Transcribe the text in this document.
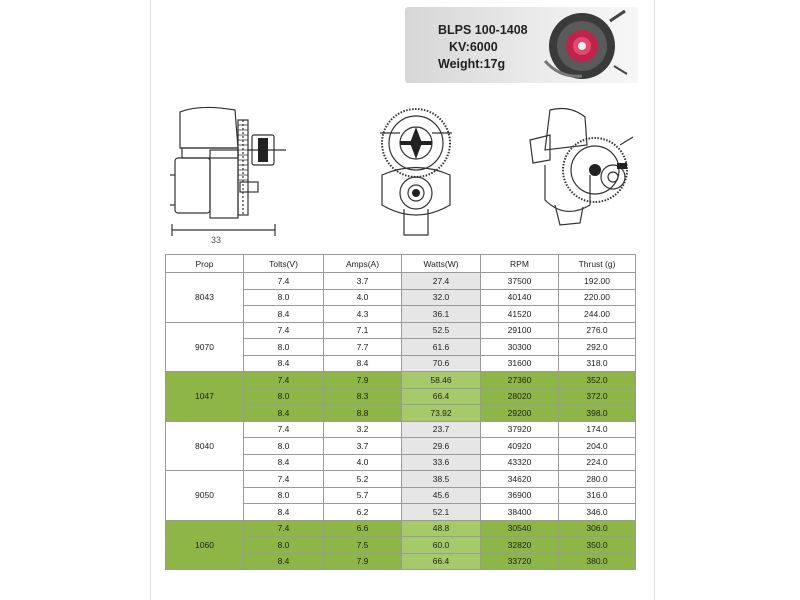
BLPS 100-1408
KV:6000
Weight:17g
33
Prop	Tolts(V)	Amps(A)	Watts(W)	RPM	Thrust (g)
8043	7.4	3.7	27.4	37500	192.00
	8.0	4.0	32.0	40140	220.00
	8.4	4.3	36.1	41520	244.00
9070	7.4	7.1	52.5	29100	276.0
	8.0	7.7	61.6	30300	292.0
	8.4	8.4	70.6	31600	318.0
1047	7.4	7.9	58.46	27360	352.0
	8.0	8.3	66.4	28020	372.0
	8.4	8.8	73.92	29200	398.0
8040	7.4	3.2	23.7	37920	174.0
	8.0	3.7	29.6	40920	204.0
	8.4	4.0	33.6	43320	224.0
9050	7.4	5.2	38.5	34620	280.0
	8.0	5.7	45.6	36900	316.0
	8.4	6.2	52.1	38400	346.0
1060	7.4	6.6	48.8	30540	306.0
	8.0	7.5	60.0	32820	350.0
	8.4	7.9	66.4	33720	380.0
